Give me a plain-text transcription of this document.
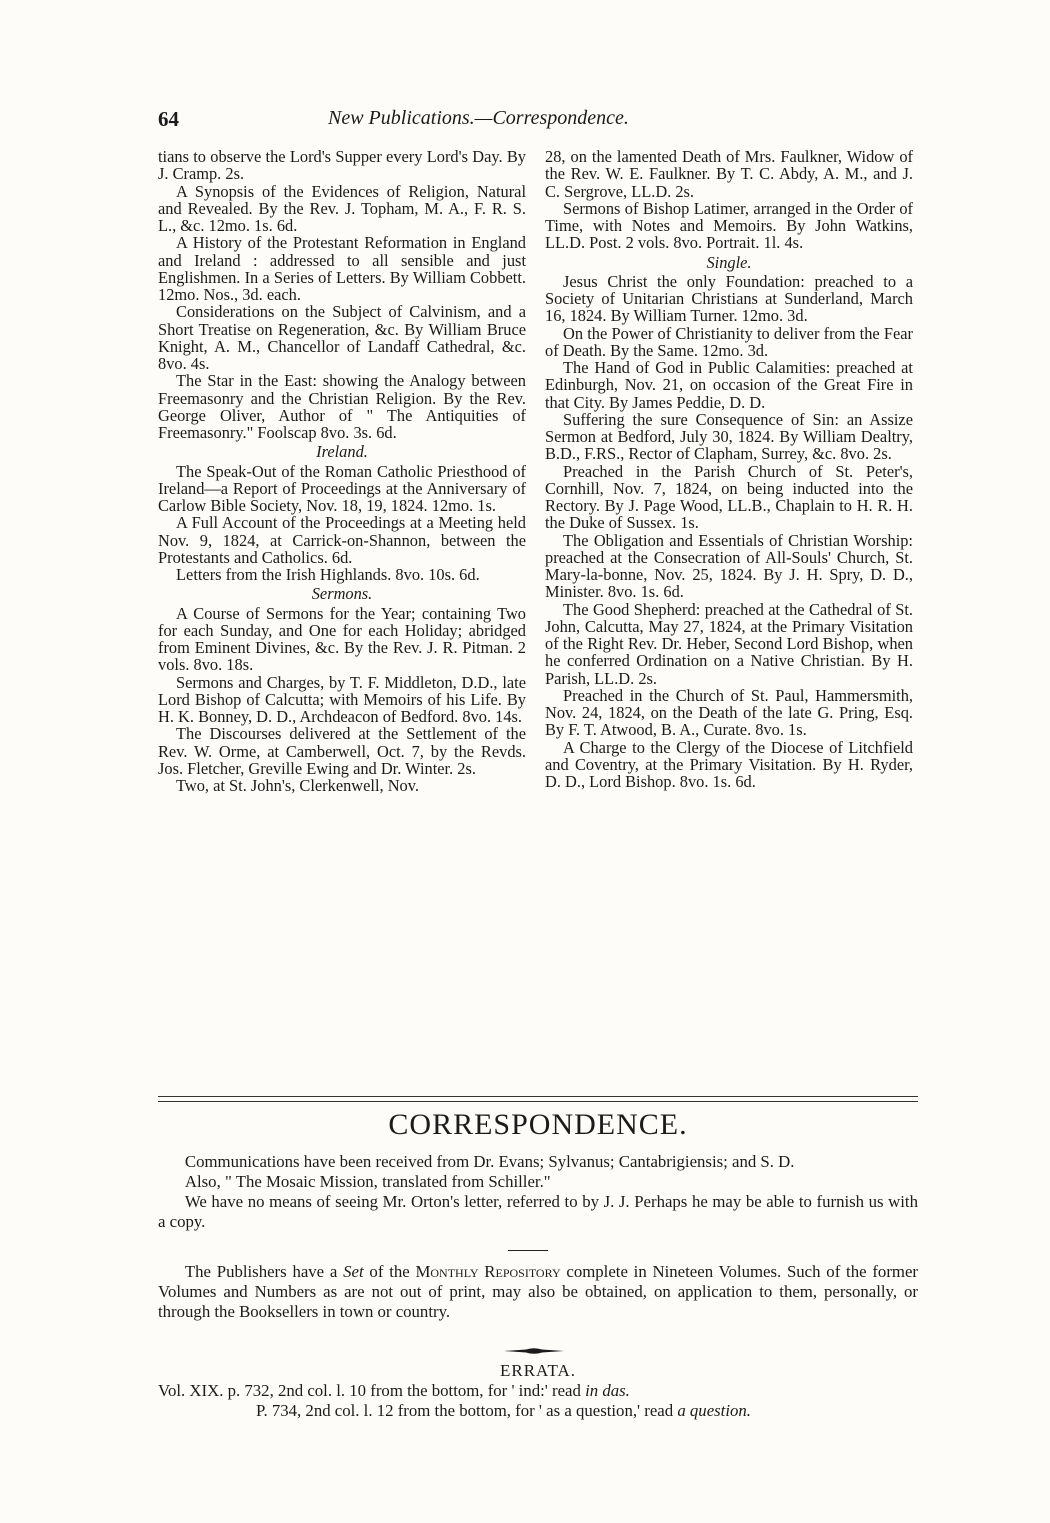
64	New Publications.—Correspondence.

tians to observe the Lord's Supper every Lord's Day. By J. Cramp. 2s.

A Synopsis of the Evidences of Religion, Natural and Revealed. By the Rev. J. Topham, M. A., F. R. S. L., &c. 12mo. 1s. 6d.

A History of the Protestant Reformation in England and Ireland : addressed to all sensible and just Englishmen. In a Series of Letters. By William Cobbett. 12mo. Nos., 3d. each.

Considerations on the Subject of Calvinism, and a Short Treatise on Regeneration, &c. By William Bruce Knight, A. M., Chancellor of Landaff Cathedral, &c. 8vo. 4s.

The Star in the East: showing the Analogy between Freemasonry and the Christian Religion. By the Rev. George Oliver, Author of " The Antiquities of Freemasonry." Foolscap 8vo. 3s. 6d.

Ireland.

The Speak-Out of the Roman Catholic Priesthood of Ireland—a Report of Proceedings at the Anniversary of Carlow Bible Society, Nov. 18, 19, 1824. 12mo. 1s.

A Full Account of the Proceedings at a Meeting held Nov. 9, 1824, at Carrick-on-Shannon, between the Protestants and Catholics. 6d.

Letters from the Irish Highlands. 8vo. 10s. 6d.

Sermons.

A Course of Sermons for the Year; containing Two for each Sunday, and One for each Holiday; abridged from Eminent Divines, &c. By the Rev. J. R. Pitman. 2 vols. 8vo. 18s.

Sermons and Charges, by T. F. Middleton, D.D., late Lord Bishop of Calcutta; with Memoirs of his Life. By H. K. Bonney, D. D., Archdeacon of Bedford. 8vo. 14s.

The Discourses delivered at the Settlement of the Rev. W. Orme, at Camberwell, Oct. 7, by the Revds. Jos. Fletcher, Greville Ewing and Dr. Winter. 2s.

Two, at St. John's, Clerkenwell, Nov.

28, on the lamented Death of Mrs. Faulkner, Widow of the Rev. W. E. Faulkner. By T. C. Abdy, A. M., and J. C. Sergrove, LL.D. 2s.

Sermons of Bishop Latimer, arranged in the Order of Time, with Notes and Memoirs. By John Watkins, LL.D. Post. 2 vols. 8vo. Portrait. 1l. 4s.

Single.

Jesus Christ the only Foundation: preached to a Society of Unitarian Christians at Sunderland, March 16, 1824. By William Turner. 12mo. 3d.

On the Power of Christianity to deliver from the Fear of Death. By the Same. 12mo. 3d.

The Hand of God in Public Calamities: preached at Edinburgh, Nov. 21, on occasion of the Great Fire in that City. By James Peddie, D. D.

Suffering the sure Consequence of Sin: an Assize Sermon at Bedford, July 30, 1824. By William Dealtry, B.D., F.RS., Rector of Clapham, Surrey, &c. 8vo. 2s.

Preached in the Parish Church of St. Peter's, Cornhill, Nov. 7, 1824, on being inducted into the Rectory. By J. Page Wood, LL.B., Chaplain to H. R. H. the Duke of Sussex. 1s.

The Obligation and Essentials of Christian Worship: preached at the Consecration of All-Souls' Church, St. Mary-la-bonne, Nov. 25, 1824. By J. H. Spry, D. D., Minister. 8vo. 1s. 6d.

The Good Shepherd: preached at the Cathedral of St. John, Calcutta, May 27, 1824, at the Primary Visitation of the Right Rev. Dr. Heber, Second Lord Bishop, when he conferred Ordination on a Native Christian. By H. Parish, LL.D. 2s.

Preached in the Church of St. Paul, Hammersmith, Nov. 24, 1824, on the Death of the late G. Pring, Esq. By F. T. Atwood, B. A., Curate. 8vo. 1s.

A Charge to the Clergy of the Diocese of Litchfield and Coventry, at the Primary Visitation. By H. Ryder, D. D., Lord Bishop. 8vo. 1s. 6d.

CORRESPONDENCE.

Communications have been received from Dr. Evans; Sylvanus; Cantabrigiensis; and S. D.

Also, " The Mosaic Mission, translated from Schiller."

We have no means of seeing Mr. Orton's letter, referred to by J. J. Perhaps he may be able to furnish us with a copy.

The Publishers have a Set of the Monthly Repository complete in Nineteen Volumes. Such of the former Volumes and Numbers as are not out of print, may also be obtained, on application to them, personally, or through the Booksellers in town or country.

ERRATA.
Vol. XIX. p. 732, 2nd col. l. 10 from the bottom, for ' ind:' read in das.
P. 734, 2nd col. l. 12 from the bottom, for ' as a question,' read a question.
